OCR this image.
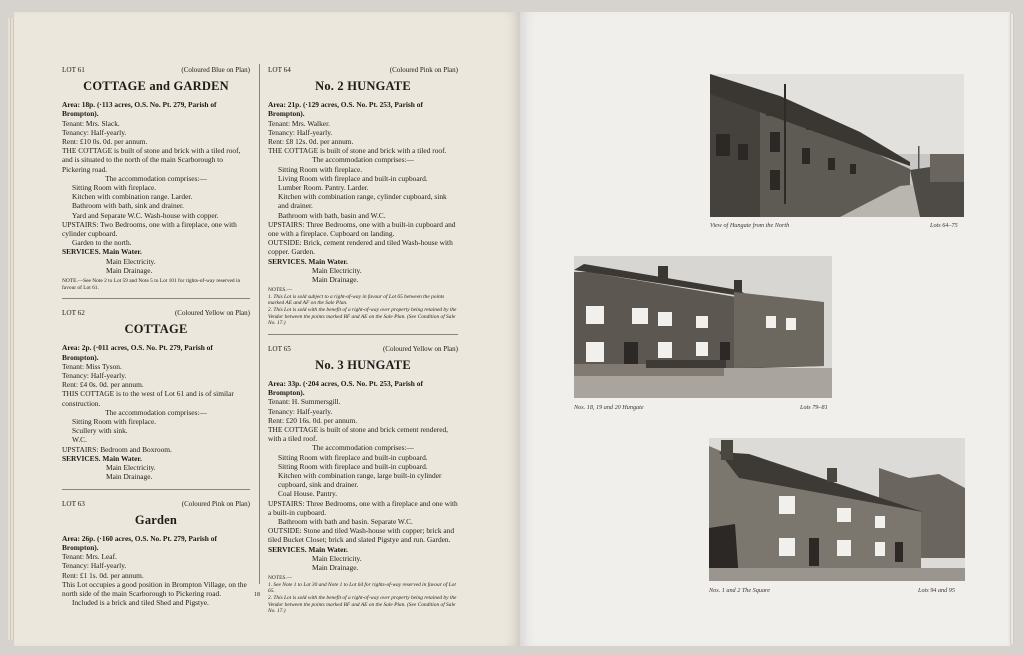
LOT 61	(Coloured Blue on Plan)
COTTAGE and GARDEN

Area: 18p. (·113 acres, O.S. No. Pt. 279, Parish of Brompton).

Tenant: Mrs. Slack.

Tenancy: Half-yearly.

Rent: £10 0s. 0d. per annum.

THE COTTAGE is built of stone and brick with a tiled roof, and is situated to the north of the main Scarborough to Pickering road.

The accommodation comprises:—

Sitting Room with fireplace.

Kitchen with combination range. Larder.

Bathroom with bath, sink and drainer.

Yard and Separate W.C. Wash-house with copper.

UPSTAIRS: Two Bedrooms, one with a fireplace, one with cylinder cupboard.

Garden to the north.

SERVICES. Main Water.

Main Electricity.

Main Drainage.

NOTE.—See Note 2 to Lot 59 and Note 5 to Lot 101 for rights-of-way reserved in favour of Lot 61.

LOT 62	(Coloured Yellow on Plan)
COTTAGE

Area: 2p. (·011 acres, O.S. No. Pt. 279, Parish of Brompton).

Tenant: Miss Tyson.

Tenancy: Half-yearly.

Rent: £4 0s. 0d. per annum.

THIS COTTAGE is to the west of Lot 61 and is of similar construction.

The accommodation comprises:—

Sitting Room with fireplace.

Scullery with sink.

W.C.

UPSTAIRS: Bedroom and Boxroom.

SERVICES. Main Water.

Main Electricity.

Main Drainage.

LOT 63	(Coloured Pink on Plan)
Garden

Area: 26p. (·160 acres, O.S. No. Pt. 279, Parish of Brompton).

Tenant: Mrs. Leaf.

Tenancy: Half-yearly.

Rent: £1 1s. 0d. per annum.

This Lot occupies a good position in Brompton Village, on the north side of the main Scarborough to Pickering road.

Included is a brick and tiled Shed and Pigstye.

LOT 64	(Coloured Pink on Plan)
No. 2 HUNGATE

Area: 21p. (·129 acres, O.S. No. Pt. 253, Parish of Brompton).

Tenant: Mrs. Walker.

Tenancy: Half-yearly.

Rent: £8 12s. 0d. per annum.

THE COTTAGE is built of stone and brick with a tiled roof.

The accommodation comprises:—

Sitting Room with fireplace.

Living Room with fireplace and built-in cupboard.

Lumber Room. Pantry. Larder.

Kitchen with combination range, cylinder cupboard, sink and drainer.

Bathroom with bath, basin and W.C.

UPSTAIRS: Three Bedrooms, one with a built-in cupboard and one with a fireplace. Cupboard on landing.

OUTSIDE: Brick, cement rendered and tiled Wash-house with copper. Garden.

SERVICES. Main Water.

Main Electricity.

Main Drainage.

NOTES.—

1. This Lot is sold subject to a right-of-way in favour of Lot 65 between the points marked AE and AF on the Sale Plan.

2. This Lot is sold with the benefit of a right-of-way over property being retained by the Vendor between the points marked BF and AE on the Sale Plan. (See Condition of Sale No. 17.)

LOT 65	(Coloured Yellow on Plan)
No. 3 HUNGATE

Area: 33p. (·204 acres, O.S. No. Pt. 253, Parish of Brompton).

Tenant: H. Summersgill.

Tenancy: Half-yearly.

Rent: £20 16s. 0d. per annum.

THE COTTAGE is built of stone and brick cement rendered, with a tiled roof.

The accommodation comprises:—

Sitting Room with fireplace and built-in cupboard.

Sitting Room with fireplace and built-in cupboard.

Kitchen with combination range, large built-in cylinder cupboard, sink and drainer.

Coal House. Pantry.

UPSTAIRS: Three Bedrooms, one with a fireplace and one with a built-in cupboard.

Bathroom with bath and basin. Separate W.C.

OUTSIDE: Stone and tiled Wash-house with copper; brick and tiled Bucket Closet; brick and slated Pigstye and run. Garden.

SERVICES. Main Water.

Main Electricity.

Main Drainage.

NOTES.—

1. See Note 1 to Lot 30 and Note 1 to Lot 64 for rights-of-way reserved in favour of Lot 65.

2. This Lot is sold with the benefit of a right-of-way over property being retained by the Vendor between the points marked BF and AE on the Sale Plan. (See Condition of Sale No. 17.)

18
View of Hungate from the North	Lots 64–75
Nos. 18, 19 and 20 Hungate	Lots 79–81
Nos. 1 and 2 The Square	Lots 94 and 95
